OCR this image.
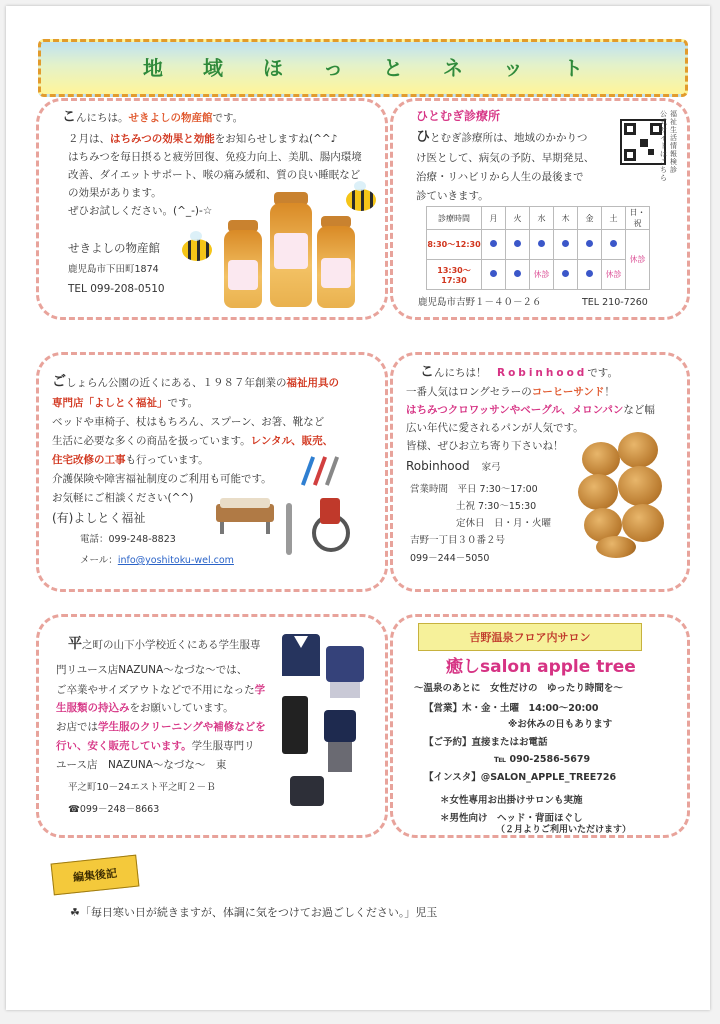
地域ほっとネット
こんにちは。せきよしの物産館です。
２月は、はちみつの効果と効能をお知らせしますね(^^♪
はちみつを毎日摂ると疲労回復、免疫力向上、美肌、腸内環境
改善、ダイエットサポート、喉の痛み緩和、質の良い睡眠など
の効果があります。
ぜひお試しください。(^_-)-☆
せきよしの物産館
鹿児島市下田町1874
TEL 099-208-0510
ひとむぎ診療所
ひとむぎ診療所は、地域のかかりつ
け医として、病気の予防、早期発見、
治療・リハビリから人生の最後まで
診ていきます。
福祉生活情報検診
公式サイトはこちら
診療時間	月	火	水	木	金	土	日・祝
8:30～12:30							休診
13:30～17:30			休診			休診	
鹿児島市吉野１－４０－２６	TEL 210-7260
ごしょらん公園の近くにある、１９８７年創業の福祉用具の
専門店「よしとく福祉」です。
ベッドや車椅子、杖はもちろん、スプーン、お箸、靴など
生活に必要な多くの商品を扱っています。レンタル、販売、
住宅改修の工事も行っています。
介護保険や障害福祉制度のご利用も可能です。
お気軽にご相談ください(^^)
(有)よしとく福祉
電話：099-248-8823
メール：info@yoshitoku-wel.com
こんにちは！　 Robinhoodです。
一番人気はロングセラーのコーヒーサンド！
はちみつクロワッサンやベーグル、メロンパンなど幅
広い年代に愛されるパンが人気です。
皆様、ぜひお立ち寄り下さいね！
Robinhood　 家弓
営業時間　平日 7:30～17:00
土祝 7:30～15:30
定休日　日・月・火曜
吉野一丁目３０番２号
099－244－5050
平之町の山下小学校近くにある学生服専
門リユース店NAZUNA～なづな～では、
ご卒業やサイズアウトなどで不用になった学
生服類の持込みをお願いしています。
お店では学生服のクリーニングや補修などを
行い、安く販売しています。学生服専門リ
ユース店　NAZUNA～なづな～　東
平之町10－24エスト平之町２－Ｂ
☎099－248－8663
吉野温泉フロア内サロン
癒しsalon apple tree
～温泉のあとに　女性だけの　ゆったり時間を～
【営業】木・金・土曜　14:00～20:00
※お休みの日もあります
【ご予約】直接またはお電話
℡ 090-2586-5679
【インスタ】@SALON_APPLE_TREE726
＊女性専用お出掛けサロンも実施
＊男性向け　ヘッド・背面ほぐし
（２月よりご利用いただけます）
編集後記
☘「毎日寒い日が続きますが、体調に気をつけてお過ごしください。」児玉
